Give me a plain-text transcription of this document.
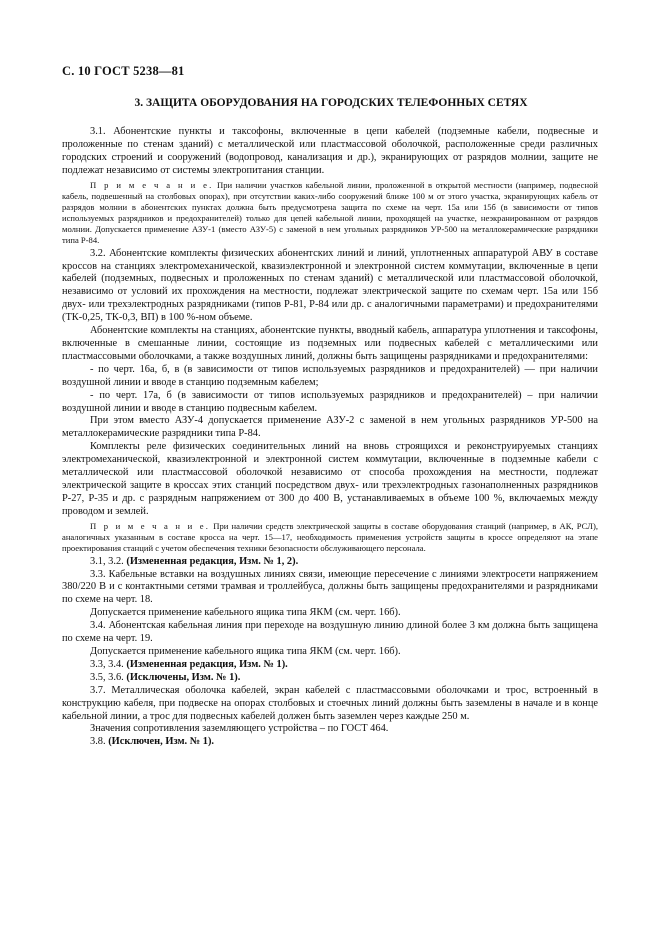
С. 10 ГОСТ 5238—81
3. ЗАЩИТА ОБОРУДОВАНИЯ НА ГОРОДСКИХ ТЕЛЕФОННЫХ СЕТЯХ

3.1. Абонентские пункты и таксофоны, включенные в цепи кабелей (подземные кабели, подвесные и проложенные по стенам зданий) с металлической или пластмассовой оболочкой, расположенные среди различных городских строений и сооружений (водопровод, канализация и др.), экранирующих от разрядов молнии, защите не подлежат независимо от системы электропитания станции.

П р и м е ч а н и е. При наличии участков кабельной линии, проложенной в открытой местности (например, подвесной кабель, подвешенный на столбовых опорах), при отсутствии каких-либо сооружений ближе 100 м от этого участка, экранирующих кабель от разрядов молнии в абонентских пунктах должна быть предусмотрена защита по схеме на черт. 15а или 15б (в зависимости от типов используемых разрядников и предохранителей) только для цепей кабельной линии, проходящей на участке, неэкранированном от разрядов молнии. Допускается применение АЗУ-1 (вместо АЗУ-5) с заменой в нем угольных разрядников УР-500 на металлокерамические разрядники типа Р-84.

3.2. Абонентские комплекты физических абонентских линий и линий, уплотненных аппаратурой АВУ в составе кроссов на станциях электромеханической, квазиэлектронной и электронной систем коммутации, включенные в цепи кабелей (подземных, подвесных и проложенных по стенам зданий) с металлической или пластмассовой оболочкой, независимо от условий их прохождения на местности, подлежат электрической защите по схемам черт. 15а или 15б двух- или трехэлектродных разрядниками (типов Р-81, Р-84 или др. с аналогичными параметрами) и предохранителями (ТК-0,25, ТК-0,3, ВП) в 100 %-ном объеме.

Абонентские комплекты на станциях, абонентские пункты, вводный кабель, аппаратура уплотнения и таксофоны, включенные в смешанные линии, состоящие из подземных или подвесных кабелей с металлическими или пластмассовыми оболочками, а также воздушных линий, должны быть защищены разрядниками и предохранителями:

- по черт. 16а, б, в (в зависимости от типов используемых разрядников и предохранителей) — при наличии воздушной линии и вводе в станцию подземным кабелем;

- по черт. 17а, б (в зависимости от типов используемых разрядников и предохранителей) – при наличии воздушной линии и вводе в станцию подвесным кабелем.

При этом вместо АЗУ-4 допускается применение АЗУ-2 с заменой в нем угольных разрядников УР-500 на металлокерамические разрядники типа Р-84.

Комплекты реле физических соединительных линий на вновь строящихся и реконструируемых станциях электромеханической, квазиэлектронной и электронной систем коммутации, включенные в подземные кабели с металлической или пластмассовой оболочкой независимо от способа прохождения на местности, подлежат электрической защите в кроссах этих станций посредством двух- или трехэлектродных газонаполненных разрядников Р-27, Р-35 и др. с разрядным напряжением от 300 до 400 В, устанавливаемых в объеме 100 %, включаемых между проводом и землей.

П р и м е ч а н и е. При наличии средств электрической защиты в составе оборудования станций (например, в АК, РСЛ), аналогичных указанным в составе кросса на черт. 15—17, необходимость применения устройств защиты в кроссе определяют на этапе проектирования станций с учетом обеспечения техники безопасности обслуживающего персонала.

3.1, 3.2. (Измененная редакция, Изм. № 1, 2).

3.3. Кабельные вставки на воздушных линиях связи, имеющие пересечение с линиями электросети напряжением 380/220 В и с контактными сетями трамвая и троллейбуса, должны быть защищены предохранителями и разрядниками по схеме на черт. 18.

Допускается применение кабельного ящика типа ЯКМ (см. черт. 16б).

3.4. Абонентская кабельная линия при переходе на воздушную линию длиной более 3 км должна быть защищена по схеме на черт. 19.

Допускается применение кабельного ящика типа ЯКМ (см. черт. 16б).

3.3, 3.4. (Измененная редакция, Изм. № 1).

3.5, 3.6. (Исключены, Изм. № 1).

3.7. Металлическая оболочка кабелей, экран кабелей с пластмассовыми оболочками и трос, встроенный в конструкцию кабеля, при подвеске на опорах столбовых и стоечных линий должны быть заземлены в начале и в конце кабельной линии, а трос для подвесных кабелей должен быть заземлен через каждые 250 м.

Значения сопротивления заземляющего устройства – по ГОСТ 464.

3.8. (Исключен, Изм. № 1).
